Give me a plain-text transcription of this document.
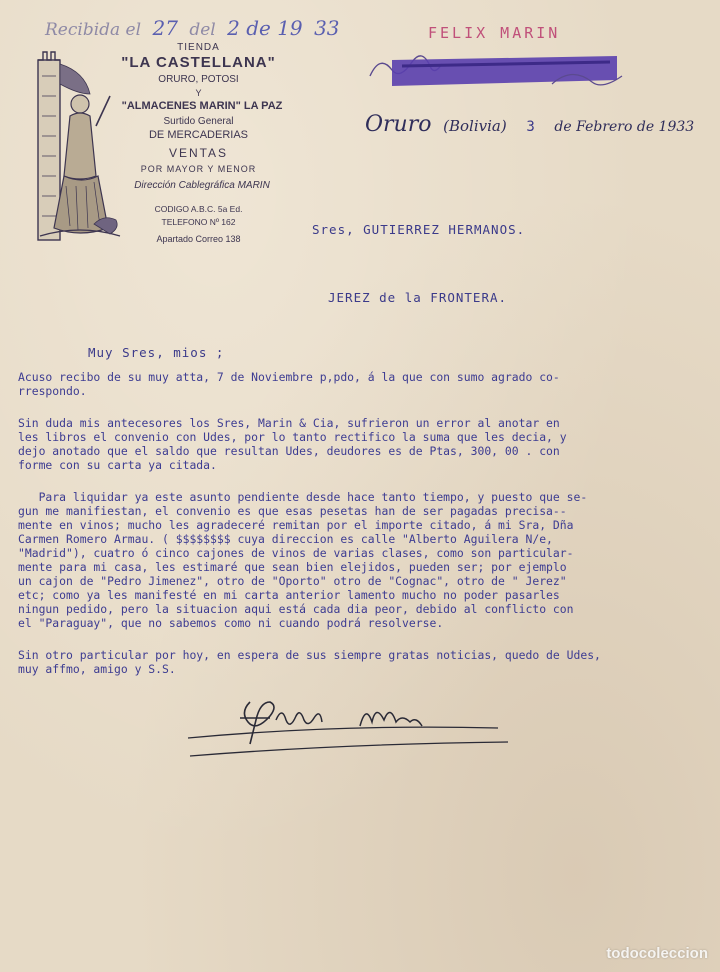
Recibida el 27 del 2 de 19 33
TIENDA
"LA CASTELLANA"
ORURO, POTOSI
Y
"ALMACENES MARIN" LA PAZ
Surtido General
DE MERCADERIAS
VENTAS
POR MAYOR Y MENOR
Dirección Cablegráfica MARIN
CODIGO A.B.C. 5a Ed.
TELEFONO Nº 162
Apartado Correo 138
FELIX MARIN
Oruro (Bolivia) 3 de Febrero de 1933
Sres, GUTIERREZ HERMANOS.
JEREZ de la FRONTERA.
Muy Sres, mios ;

Acuso recibo de su muy atta, 7 de Noviembre p,pdo, á la que con sumo agrado co-
rrespondo.

Sin duda mis antecesores los Sres, Marin & Cia, sufrieron un error al anotar en
les libros el convenio con Udes, por lo tanto rectifico la suma que les decia, y
dejo anotado que el saldo que resultan Udes, deudores es de Ptas, 300, 00 . con
forme con su carta ya citada.

Para liquidar ya este asunto pendiente desde hace tanto tiempo, y puesto que se-
gun me manifiestan, el convenio es que esas pesetas han de ser pagadas precisa--
mente en vinos; mucho les agradeceré remitan por el importe citado, á mi Sra, Dña
Carmen Romero Armau. ( $$$$$$$$ cuya direccion es calle "Alberto Aguilera N/e,
"Madrid"), cuatro ó cinco cajones de vinos de varias clases, como son particular-
mente para mi casa, les estimaré que sean bien elejidos, pueden ser; por ejemplo
un cajon de "Pedro Jimenez", otro de "Oporto" otro de "Cognac", otro de " Jerez"
etc; como ya les manifesté en mi carta anterior lamento mucho no poder pasarles
ningun pedido, pero la situacion aqui está cada dia peor, debido al conflicto con
el "Paraguay", que no sabemos como ni cuando podrá resolverse.

Sin otro particular por hoy, en espera de sus siempre gratas noticias, quedo de Udes,
muy affmo, amigo y S.S.

todocoleccion
